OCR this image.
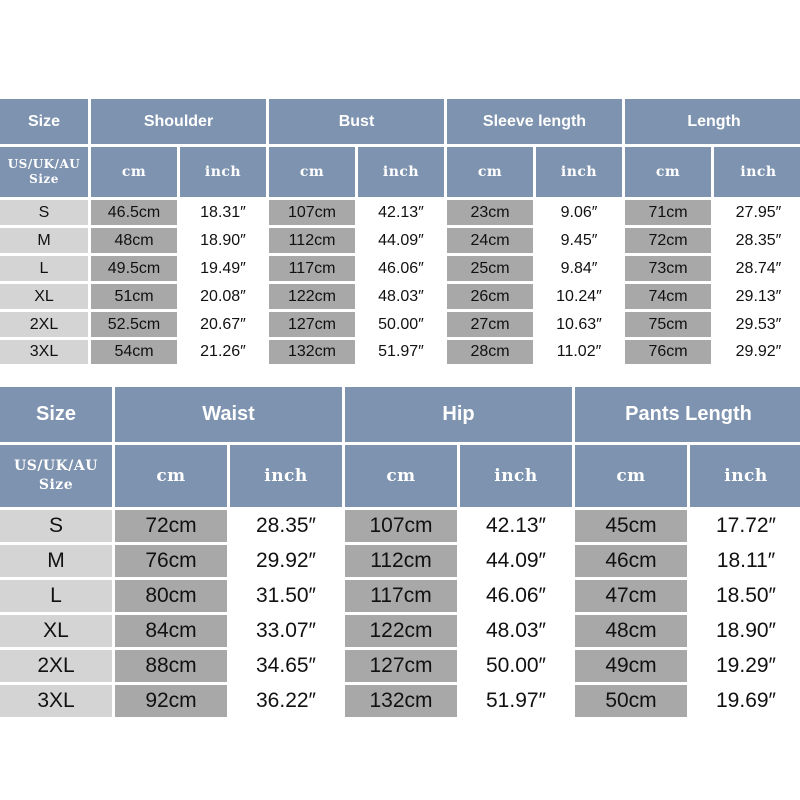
Size	Shoulder	Bust	Sleeve length	Length
US/UK/AU
Size	cm	inch	cm	inch	cm	inch	cm	inch
S	46.5cm	18.31″	107cm	42.13″	23cm	9.06″	71cm	27.95″
M	48cm	18.90″	112cm	44.09″	24cm	9.45″	72cm	28.35″
L	49.5cm	19.49″	117cm	46.06″	25cm	9.84″	73cm	28.74″
XL	51cm	20.08″	122cm	48.03″	26cm	10.24″	74cm	29.13″
2XL	52.5cm	20.67″	127cm	50.00″	27cm	10.63″	75cm	29.53″
3XL	54cm	21.26″	132cm	51.97″	28cm	11.02″	76cm	29.92″
Size	Waist	Hip	Pants Length
US/UK/AU
Size	cm	inch	cm	inch	cm	inch
S	72cm	28.35″	107cm	42.13″	45cm	17.72″
M	76cm	29.92″	112cm	44.09″	46cm	18.11″
L	80cm	31.50″	117cm	46.06″	47cm	18.50″
XL	84cm	33.07″	122cm	48.03″	48cm	18.90″
2XL	88cm	34.65″	127cm	50.00″	49cm	19.29″
3XL	92cm	36.22″	132cm	51.97″	50cm	19.69″
